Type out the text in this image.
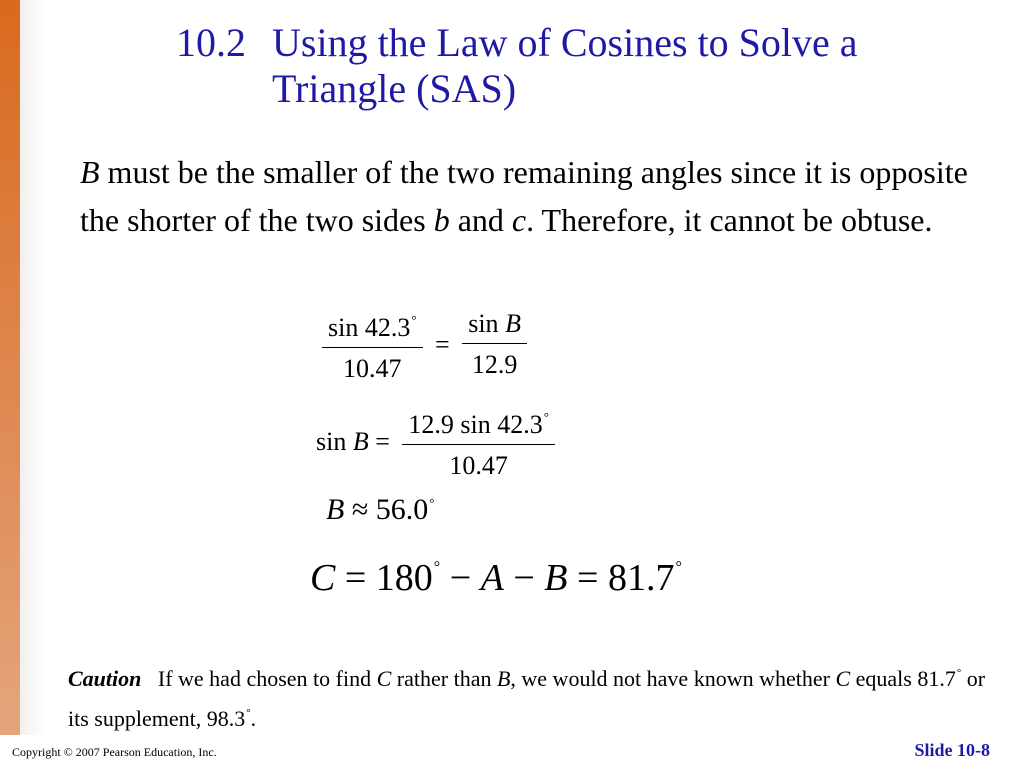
10.2 Using the Law of Cosines to Solve a Triangle (SAS)
B must be the smaller of the two remaining angles since it is opposite the shorter of the two sides b and c. Therefore, it cannot be obtuse.
$\frac{\sin 42.3^\circ}{10.47} = \frac{\text{sin B}}{12.9}$
$\sin B = \frac{12.9 \sin 42.3^\circ}{10.47}$
B ≈ 56.0°
C = 180° − A − B = 81.7°
Caution If we had chosen to find C rather than B, we would not have known whether C equals 81.7° or its supplement, 98.3°.
Copyright © 2007 Pearson Education, Inc.	Slide 10-8
